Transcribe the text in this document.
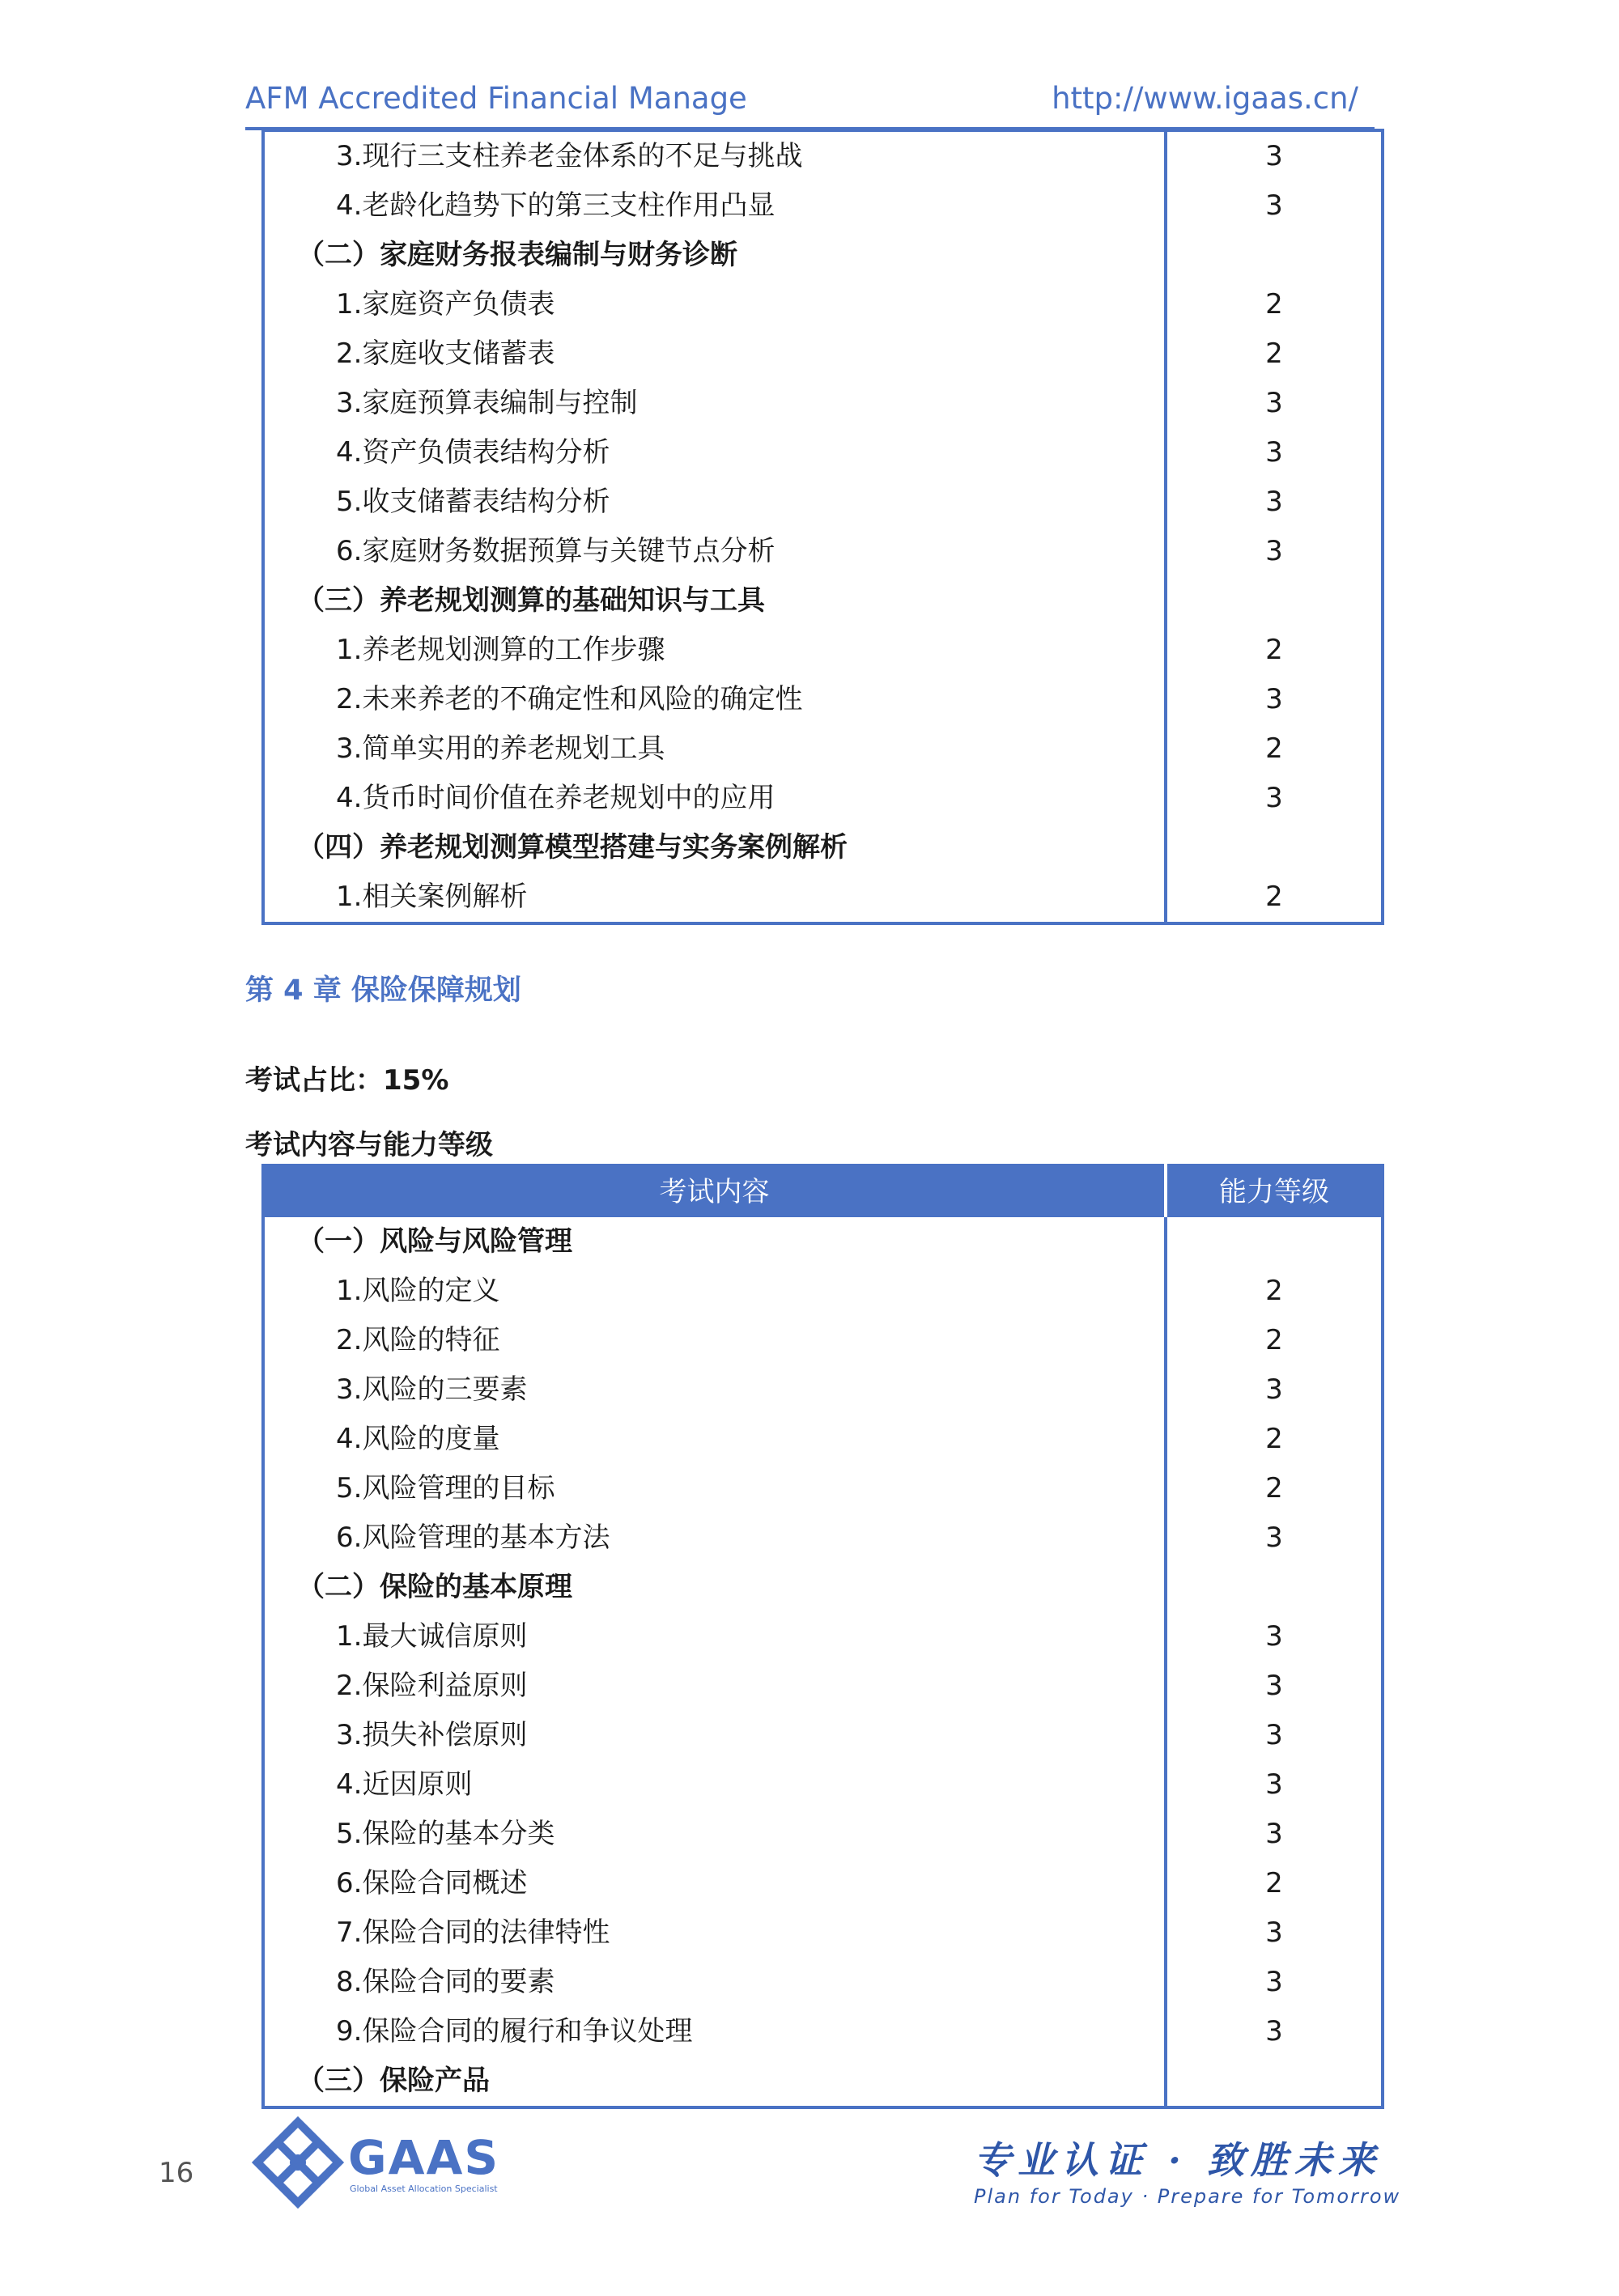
AFM Accredited Financial Manage	http://www.igaas.cn/
3.现行三支柱养老金体系的不足与挑战	3
4.老龄化趋势下的第三支柱作用凸显	3
（二）家庭财务报表编制与财务诊断	
1.家庭资产负债表	2
2.家庭收支储蓄表	2
3.家庭预算表编制与控制	3
4.资产负债表结构分析	3
5.收支储蓄表结构分析	3
6.家庭财务数据预算与关键节点分析	3
（三）养老规划测算的基础知识与工具	
1.养老规划测算的工作步骤	2
2.未来养老的不确定性和风险的确定性	3
3.简单实用的养老规划工具	2
4.货币时间价值在养老规划中的应用	3
（四）养老规划测算模型搭建与实务案例解析	
1.相关案例解析	2
第 4 章 保险保障规划
考试占比：15%
考试内容与能力等级
考试内容	能力等级
（一）风险与风险管理	
1.风险的定义	2
2.风险的特征	2
3.风险的三要素	3
4.风险的度量	2
5.风险管理的目标	2
6.风险管理的基本方法	3
（二）保险的基本原理	
1.最大诚信原则	3
2.保险利益原则	3
3.损失补偿原则	3
4.近因原则	3
5.保险的基本分类	3
6.保险合同概述	2
7.保险合同的法律特性	3
8.保险合同的要素	3
9.保险合同的履行和争议处理	3
（三）保险产品	
16	GAAS
Global Asset Allocation Specialist
专业认证 · 致胜未来
Plan for Today · Prepare for Tomorrow
